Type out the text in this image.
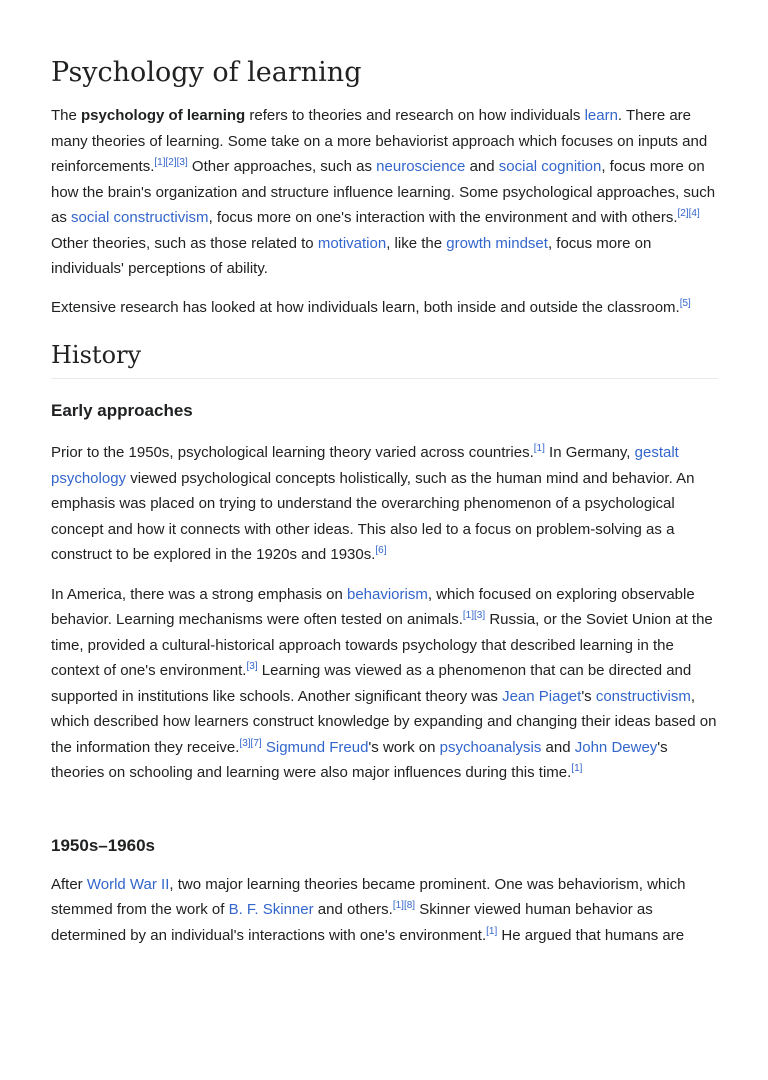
Psychology of learning

The psychology of learning refers to theories and research on how individuals learn. There are many theories of learning. Some take on a more behaviorist approach which focuses on inputs and reinforcements.[1][2][3] Other approaches, such as neuroscience and social cognition, focus more on how the brain's organization and structure influence learning. Some psychological approaches, such as social constructivism, focus more on one's interaction with the environment and with others.[2][4] Other theories, such as those related to motivation, like the growth mindset, focus more on individuals' perceptions of ability.

Extensive research has looked at how individuals learn, both inside and outside the classroom.[5]

History
Early approaches

Prior to the 1950s, psychological learning theory varied across countries.[1] In Germany, gestalt psychology viewed psychological concepts holistically, such as the human mind and behavior. An emphasis was placed on trying to understand the overarching phenomenon of a psychological concept and how it connects with other ideas. This also led to a focus on problem-solving as a construct to be explored in the 1920s and 1930s.[6]

In America, there was a strong emphasis on behaviorism, which focused on exploring observable behavior. Learning mechanisms were often tested on animals.[1][3] Russia, or the Soviet Union at the time, provided a cultural-historical approach towards psychology that described learning in the context of one's environment.[3] Learning was viewed as a phenomenon that can be directed and supported in institutions like schools. Another significant theory was Jean Piaget's constructivism, which described how learners construct knowledge by expanding and changing their ideas based on the information they receive.[3][7] Sigmund Freud's work on psychoanalysis and John Dewey's theories on schooling and learning were also major influences during this time.[1]

1950s–1960s

After World War II, two major learning theories became prominent. One was behaviorism, which stemmed from the work of B. F. Skinner and others.[1][8] Skinner viewed human behavior as determined by an individual's interactions with one's environment.[1] He argued that humans are
